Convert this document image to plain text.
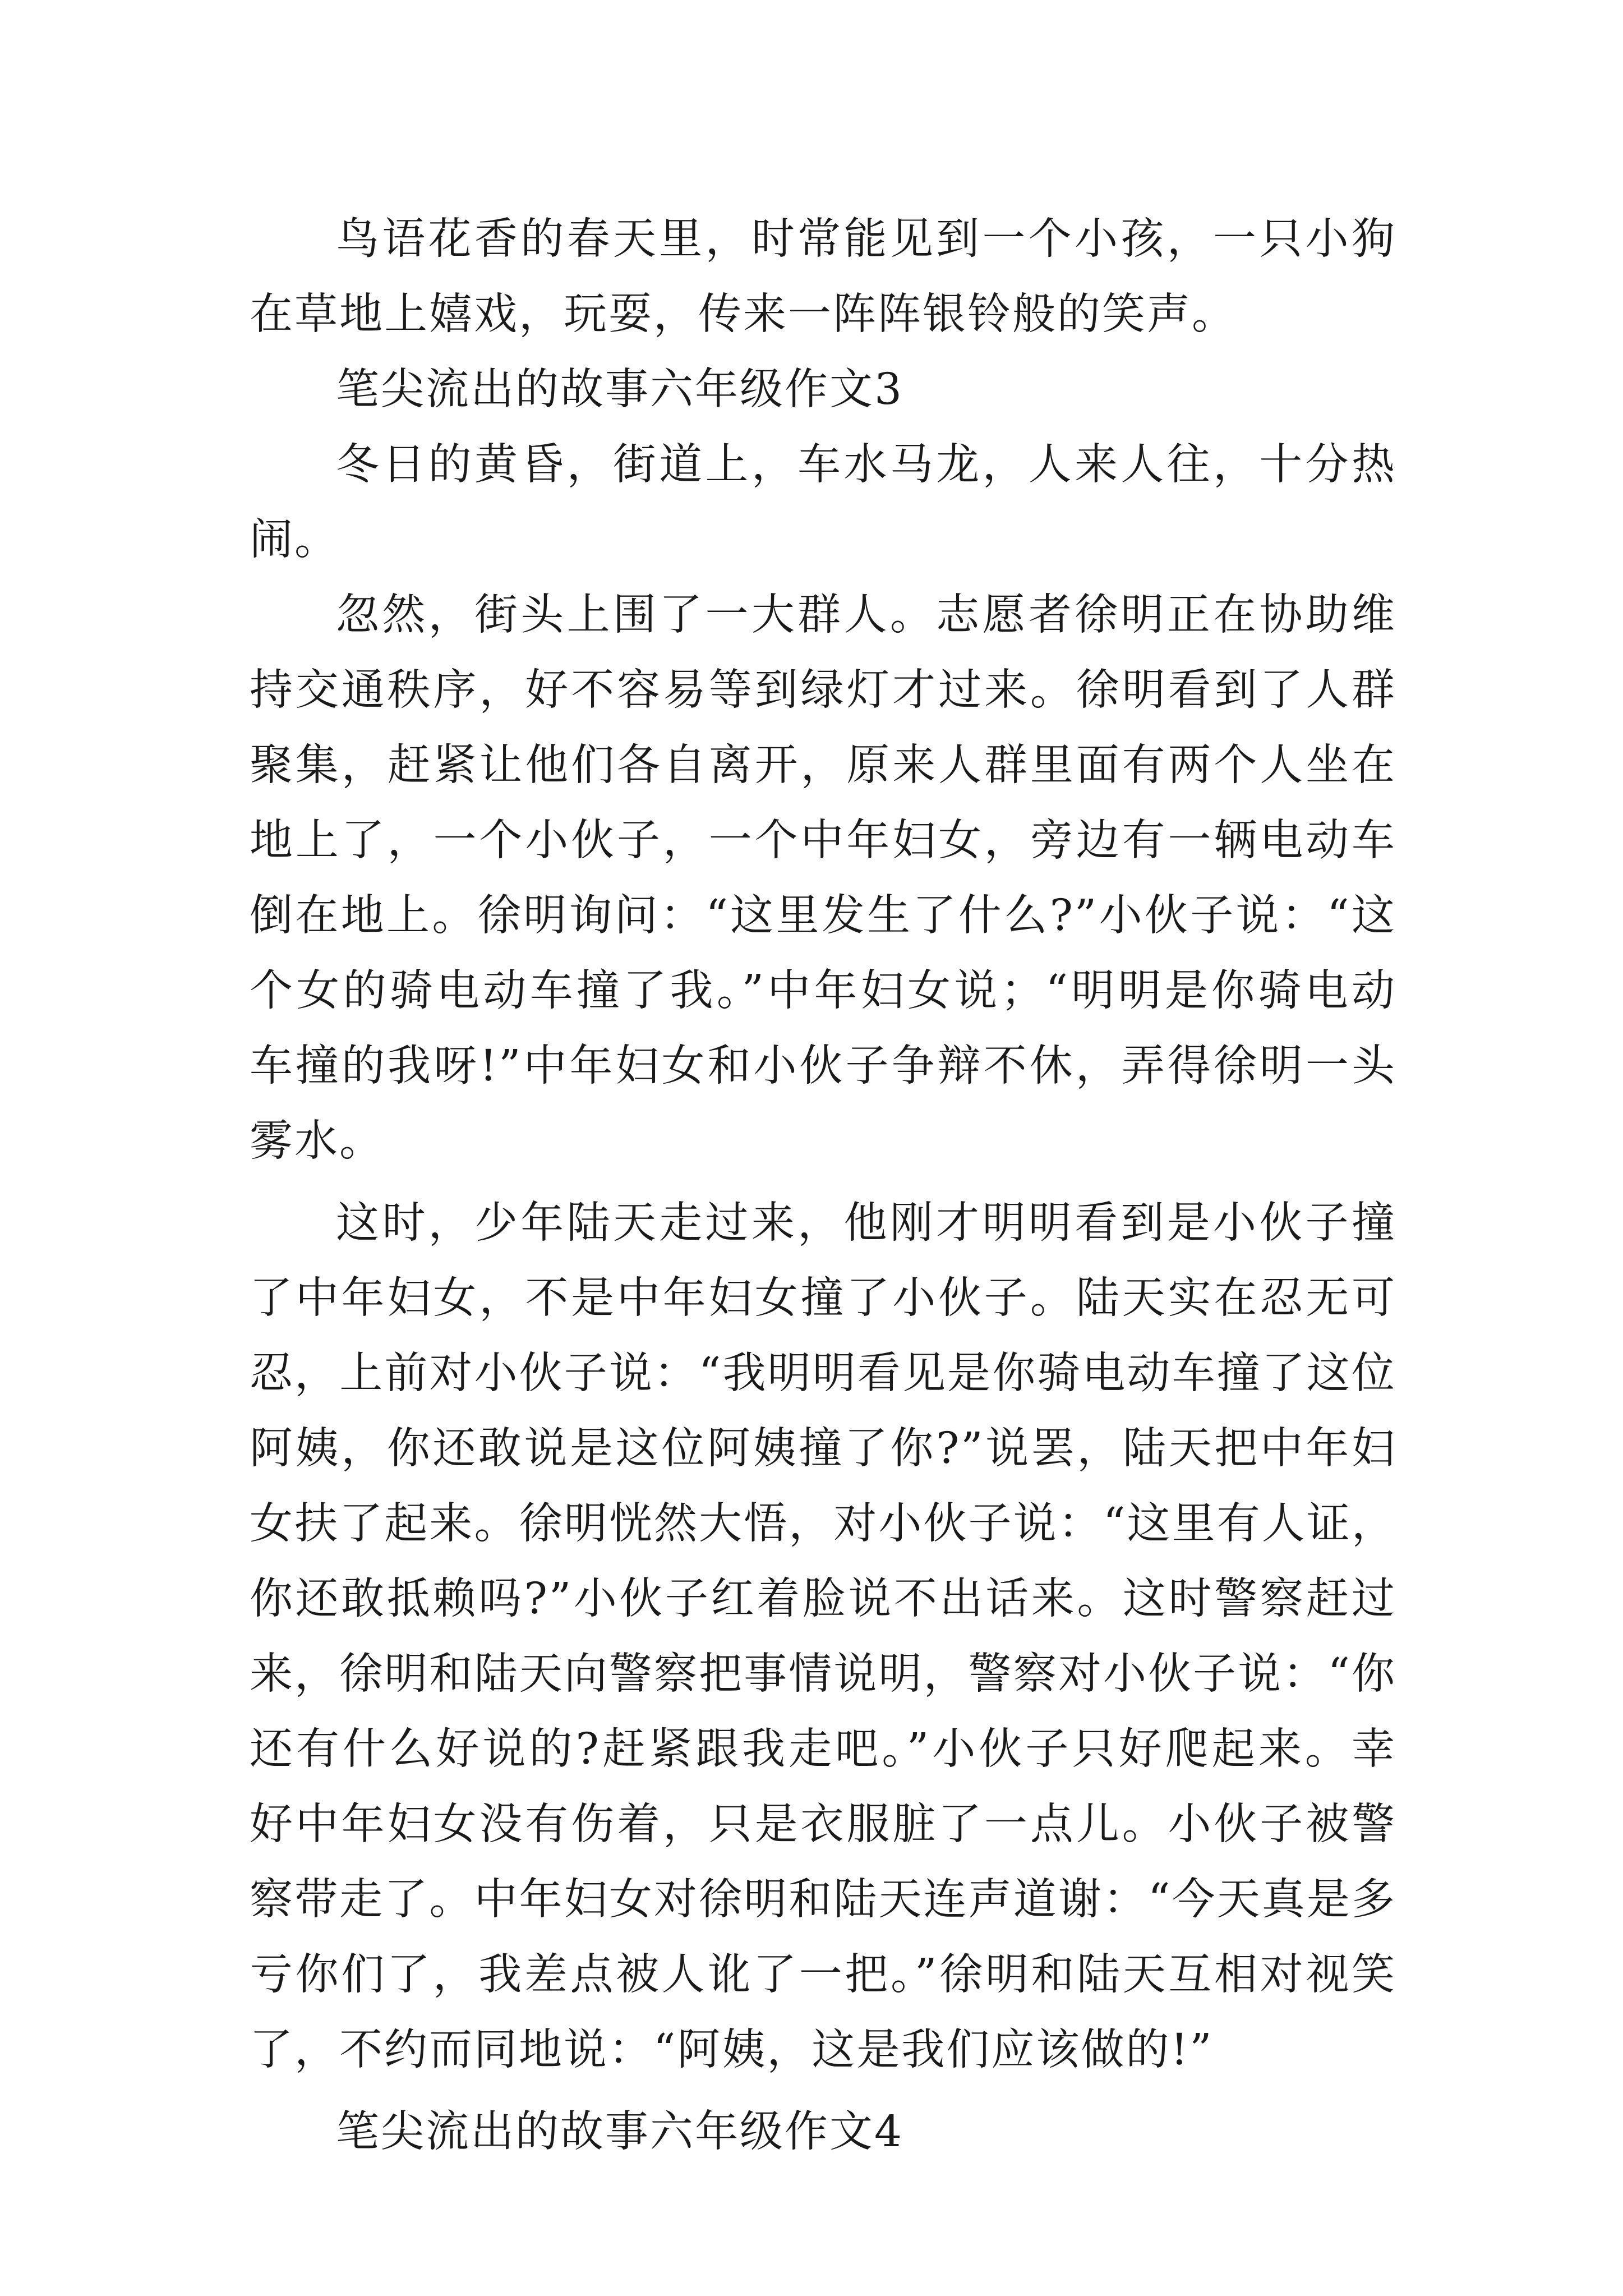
鸟语花香的春天里，时常能见到一个小孩，一只小狗在草地上嬉戏，玩耍，传来一阵阵银铃般的笑声。

笔尖流出的故事六年级作文3

冬日的黄昏，街道上，车水马龙，人来人往，十分热闹。

忽然，街头上围了一大群人。志愿者徐明正在协助维持交通秩序，好不容易等到绿灯才过来。徐明看到了人群聚集，赶紧让他们各自离开，原来人群里面有两个人坐在地上了，一个小伙子，一个中年妇女，旁边有一辆电动车倒在地上。徐明询问：“这里发生了什么?”小伙子说：“这个女的骑电动车撞了我。”中年妇女说；“明明是你骑电动车撞的我呀!”中年妇女和小伙子争辩不休，弄得徐明一头雾水。

这时，少年陆天走过来，他刚才明明看到是小伙子撞了中年妇女，不是中年妇女撞了小伙子。陆天实在忍无可忍，上前对小伙子说：“我明明看见是你骑电动车撞了这位阿姨，你还敢说是这位阿姨撞了你?”说罢，陆天把中年妇女扶了起来。徐明恍然大悟，对小伙子说：“这里有人证，你还敢抵赖吗?”小伙子红着脸说不出话来。这时警察赶过来，徐明和陆天向警察把事情说明，警察对小伙子说：“你还有什么好说的?赶紧跟我走吧。”小伙子只好爬起来。幸好中年妇女没有伤着，只是衣服脏了一点儿。小伙子被警察带走了。中年妇女对徐明和陆天连声道谢：“今天真是多亏你们了，我差点被人讹了一把。”徐明和陆天互相对视笑了，不约而同地说：“阿姨，这是我们应该做的!”

笔尖流出的故事六年级作文4
